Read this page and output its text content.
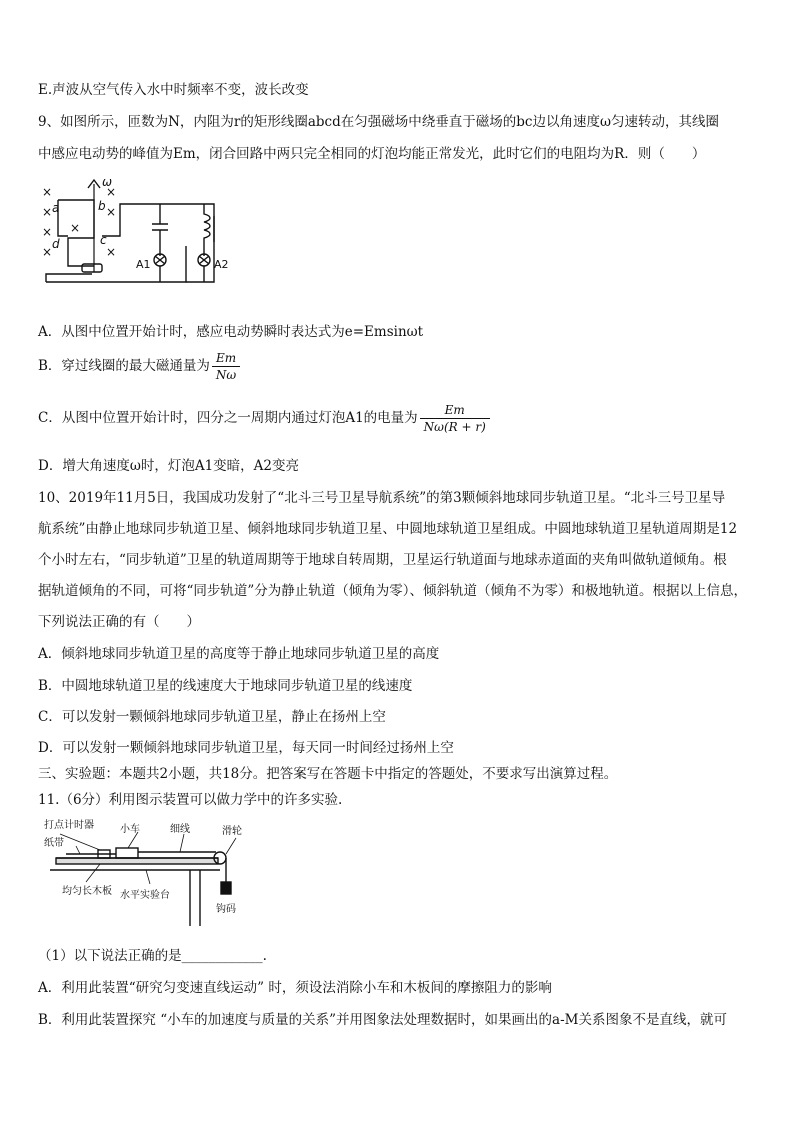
E.声波从空气传入水中时频率不变，波长改变
9、如图所示，匝数为N，内阻为r的矩形线圈abcd在匀强磁场中绕垂直于磁场的bc边以角速度ω匀速转动，其线圈
中感应电动势的峰值为Em，闭合回路中两只完全相同的灯泡均能正常发光，此时它们的电阻均为R．则（　　）
×
×
×
×
×
×
×
×
ω
a	b
c
d
A1	A2
A．从图中位置开始计时，感应电动势瞬时表达式为e=Emsinωt
B．穿过线圈的最大磁通量为 $\frac{Em}{N\omega}$
C．从图中位置开始计时，四分之一周期内通过灯泡A1的电量为 $\frac{Em}{N\omega(R + r)}$
D．增大角速度ω时，灯泡A1变暗，A2变亮
10、2019年11月5日，我国成功发射了“北斗三号卫星导航系统”的第3颗倾斜地球同步轨道卫星。“北斗三号卫星导
航系统”由静止地球同步轨道卫星、倾斜地球同步轨道卫星、中圆地球轨道卫星组成。中圆地球轨道卫星轨道周期是12
个小时左右，“同步轨道”卫星的轨道周期等于地球自转周期，卫星运行轨道面与地球赤道面的夹角叫做轨道倾角。根
据轨道倾角的不同，可将“同步轨道”分为静止轨道（倾角为零）、倾斜轨道（倾角不为零）和极地轨道。根据以上信息，
下列说法正确的有（　　）
A．倾斜地球同步轨道卫星的高度等于静止地球同步轨道卫星的高度
B．中圆地球轨道卫星的线速度大于地球同步轨道卫星的线速度
C．可以发射一颗倾斜地球同步轨道卫星，静止在扬州上空
D．可以发射一颗倾斜地球同步轨道卫星，每天同一时间经过扬州上空
三、实验题：本题共2小题，共18分。把答案写在答题卡中指定的答题处，不要求写出演算过程。
11.（6分）利用图示装置可以做力学中的许多实验.
打点计时器	小车
纸带
细线	滑轮
均匀长木板 水平实验台
钩码
（1）以下说法正确的是____________.
A．利用此装置“研究匀变速直线运动” 时，须设法消除小车和木板间的摩擦阻力的影响
B．利用此装置探究 “小车的加速度与质量的关系”并用图象法处理数据时，如果画出的a-M关系图象不是直线，就可
